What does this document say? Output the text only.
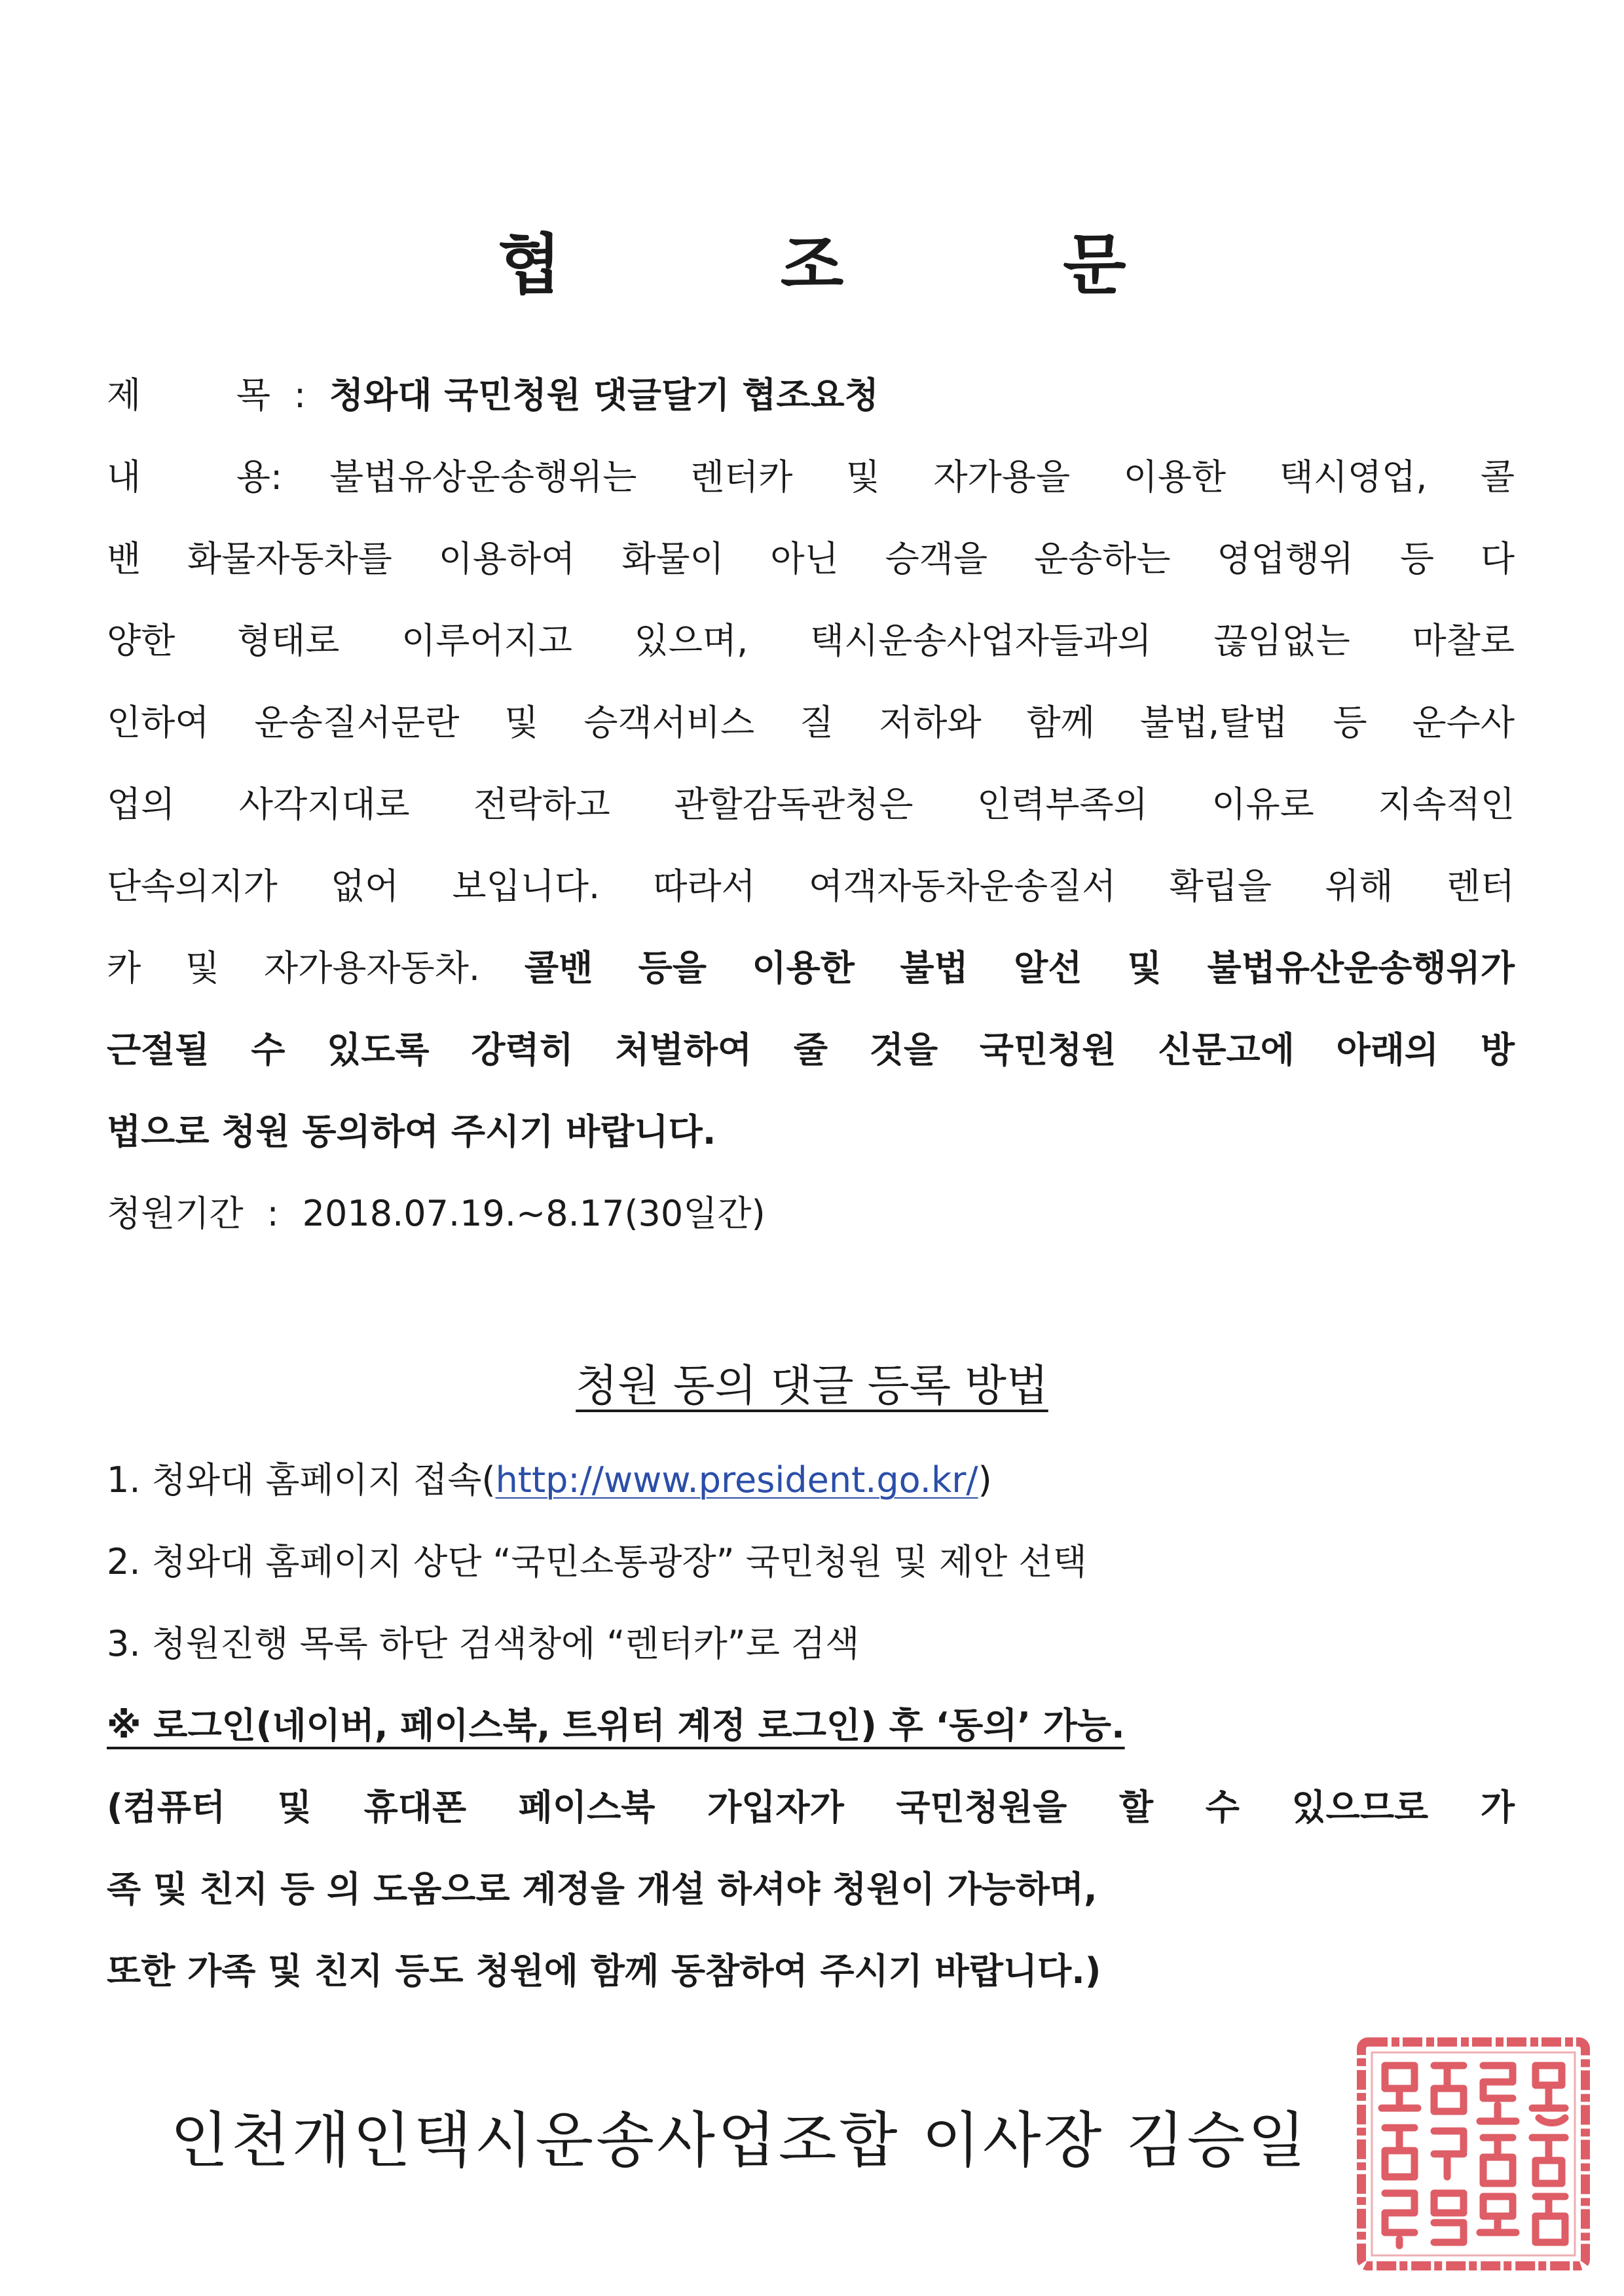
협 조 문
제 목 : 청와대 국민청원 댓글달기 협조요청
내 용: 불법유상운송행위는 렌터카 및 자가용을 이용한 택시영업, 콜
밴 화물자동차를 이용하여 화물이 아닌 승객을 운송하는 영업행위 등 다
양한 형태로 이루어지고 있으며, 택시운송사업자들과의 끊임없는 마찰로
인하여 운송질서문란 및 승객서비스 질 저하와 함께 불법,탈법 등 운수사
업의 사각지대로 전락하고 관할감독관청은 인력부족의 이유로 지속적인
단속의지가 없어 보입니다. 따라서 여객자동차운송질서 확립을 위해 렌터
카 및 자가용자동차. 콜밴 등을 이용한 불법 알선 및 불법유산운송행위가
근절될 수 있도록 강력히 처벌하여 줄 것을 국민청원 신문고에 아래의 방
법으로 청원 동의하여 주시기 바랍니다.
청원기간 : 2018.07.19.~8.17(30일간)
청원 동의 댓글 등록 방법
1. 청와대 홈페이지 접속(http://www.president.go.kr/)
2. 청와대 홈페이지 상단 “국민소통광장” 국민청원 및 제안 선택
3. 청원진행 목록 하단 검색창에 “렌터카”로 검색
※ 로그인(네이버, 페이스북, 트위터 계정 로그인) 후 ‘동의’ 가능.
(컴퓨터 및 휴대폰 페이스북 가입자가 국민청원을 할 수 있으므로 가
족 및 친지 등 의 도움으로 계정을 개설 하셔야 청원이 가능하며,
또한 가족 및 친지 등도 청원에 함께 동참하여 주시기 바랍니다.)
인천개인택시운송사업조합 이사장 김승일
